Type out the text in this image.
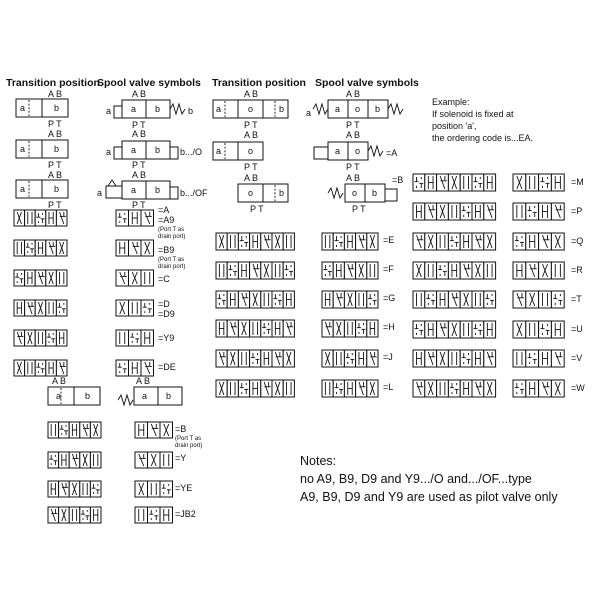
Transition position
Spool valve symbols Transition position Spool valve symbols
A B
a	b
P T
A B
a	b
P T
A B
a	b
P T
A B
a a b	b
P T
A B
a a b b.../O
P T
A B
a	a b b.../OF
P T =A
=A9
(Port T as
drain port)
=B9
(Port T as
drain port)
=C
=D
=D9
=Y9
=DE
A B
a	b
A B
a b
=B
(Port T as
drain port)
=Y
=YE
=JB2
A B
a	o	b
P T
A B
a	o
P T
A B
o	b
P T
A B
a	a o b
P T
A B
a o	=A
P T
A B
o b
=B
P T
=E
=F
=G
=H
=J
=L
Example:
If solenoid is fixed at
position 'a',
the ordering code is...EA.
=M
=P
=Q
=R
=T
=U
=V
=W
Notes:
no A9, B9, D9 and Y9.../O and.../OF...type
A9, B9, D9 and Y9 are used as pilot valve only
